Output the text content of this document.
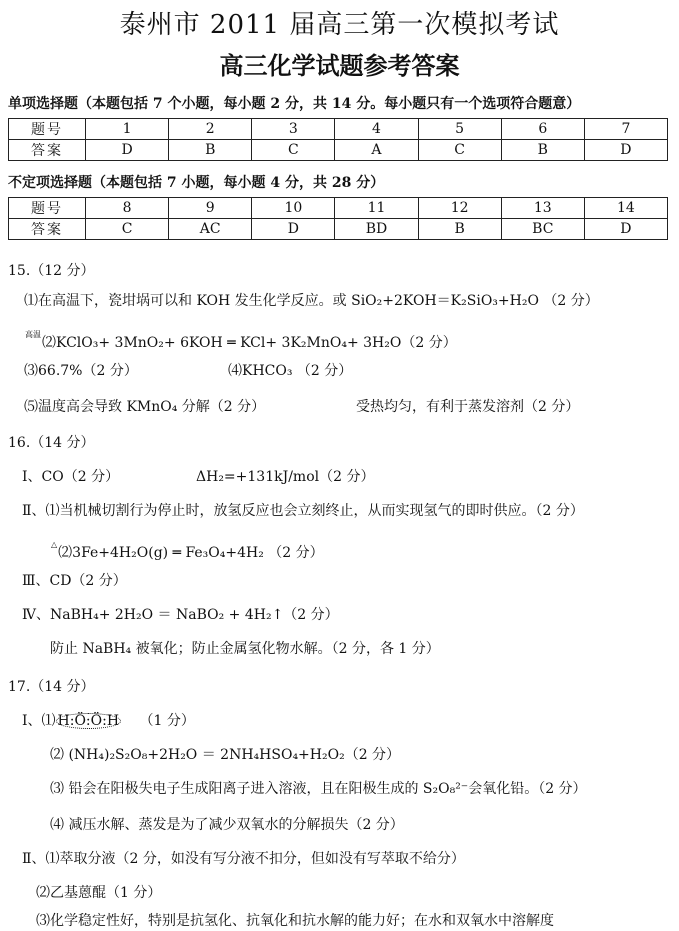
泰州市 2011 届高三第一次模拟考试
高三化学试题参考答案
单项选择题（本题包括 7 个小题，每小题 2 分，共 14 分。每小题只有一个选项符合题意）
题号	1	2	3	4	5	6	7
答案	D	B	C	A	C	B	D
不定项选择题（本题包括 7 小题，每小题 4 分，共 28 分）
题号	8	9	10	11	12	13	14
答案	C	AC	D	BD	B	BC	D
15.（12 分）
⑴在高温下，瓷坩埚可以和 KOH 发生化学反应。或 SiO₂+2KOH＝K₂SiO₃+H₂O （2 分）
高温⑵KClO₃+ 3MnO₂+ 6KOH ═ KCl+ 3K₂MnO₄+ 3H₂O（2 分）
⑶66.7%（2 分）	⑷KHCO₃ （2 分）
⑸温度高会导致 KMnO₄ 分解（2 分）	受热均匀，有利于蒸发溶剂（2 分）
16.（14 分）
Ⅰ、CO（2 分）	ΔH₂=+131kJ/mol（2 分）
Ⅱ、⑴当机械切割行为停止时，放氢反应也会立刻终止，从而实现氢气的即时供应。（2 分）
△⑵3Fe+4H₂O(g) ═ Fe₃O₄+4H₂ （2 分）
Ⅲ、CD（2 分）
Ⅳ、NaBH₄+ 2H₂O ＝ NaBO₂ + 4H₂↑（2 分）
防止 NaBH₄ 被氧化；防止金属氢化物水解。（2 分，各 1 分）
17.（14 分）
Ⅰ、⑴ H:Ö:Ö:H （1 分）
⑵ (NH₄)₂S₂O₈+2H₂O ＝ 2NH₄HSO₄+H₂O₂（2 分）
⑶ 铅会在阳极失电子生成阳离子进入溶液，且在阳极生成的 S₂O₈²⁻会氧化铅。（2 分）
⑷ 减压水解、蒸发是为了减少双氧水的分解损失（2 分）
Ⅱ、⑴萃取分液（2 分，如没有写分液不扣分，但如没有写萃取不给分）
⑵乙基蒽醌（1 分）
⑶化学稳定性好，特别是抗氢化、抗氧化和抗水解的能力好；在水和双氧水中溶解度
